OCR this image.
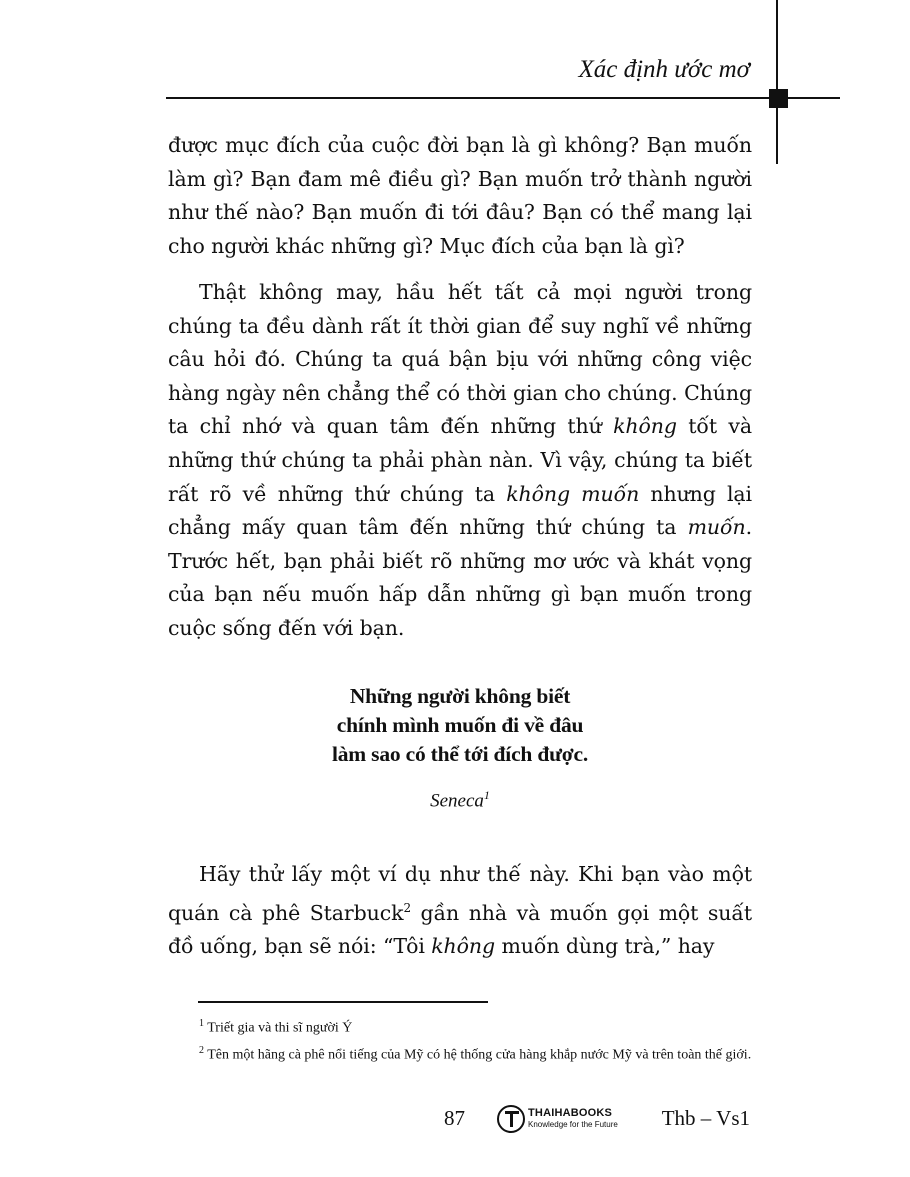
Xác định ước mơ

được mục đích của cuộc đời bạn là gì không? Bạn muốn làm gì? Bạn đam mê điều gì? Bạn muốn trở thành người như thế nào? Bạn muốn đi tới đâu? Bạn có thể mang lại cho người khác những gì? Mục đích của bạn là gì?

Thật không may, hầu hết tất cả mọi người trong chúng ta đều dành rất ít thời gian để suy nghĩ về những câu hỏi đó. Chúng ta quá bận bịu với những công việc hàng ngày nên chẳng thể có thời gian cho chúng. Chúng ta chỉ nhớ và quan tâm đến những thứ không tốt và những thứ chúng ta phải phàn nàn. Vì vậy, chúng ta biết rất rõ về những thứ chúng ta không muốn nhưng lại chẳng mấy quan tâm đến những thứ chúng ta muốn. Trước hết, bạn phải biết rõ những mơ ước và khát vọng của bạn nếu muốn hấp dẫn những gì bạn muốn trong cuộc sống đến với bạn.

Những người không biết
chính mình muốn đi về đâu
làm sao có thể tới đích được.
Seneca$^1$

Hãy thử lấy một ví dụ như thế này. Khi bạn vào một quán cà phê Starbuck$^2$ gần nhà và muốn gọi một suất đồ uống, bạn sẽ nói: “Tôi không muốn dùng trà,” hay

$^1$ Triết gia và thi sĩ người Ý

$^2$ Tên một hãng cà phê nổi tiếng của Mỹ có hệ thống cửa hàng khắp nước Mỹ và trên toàn thế giới.

87	THAIHABOOKS
Knowledge for the Future Thb – Vs1
